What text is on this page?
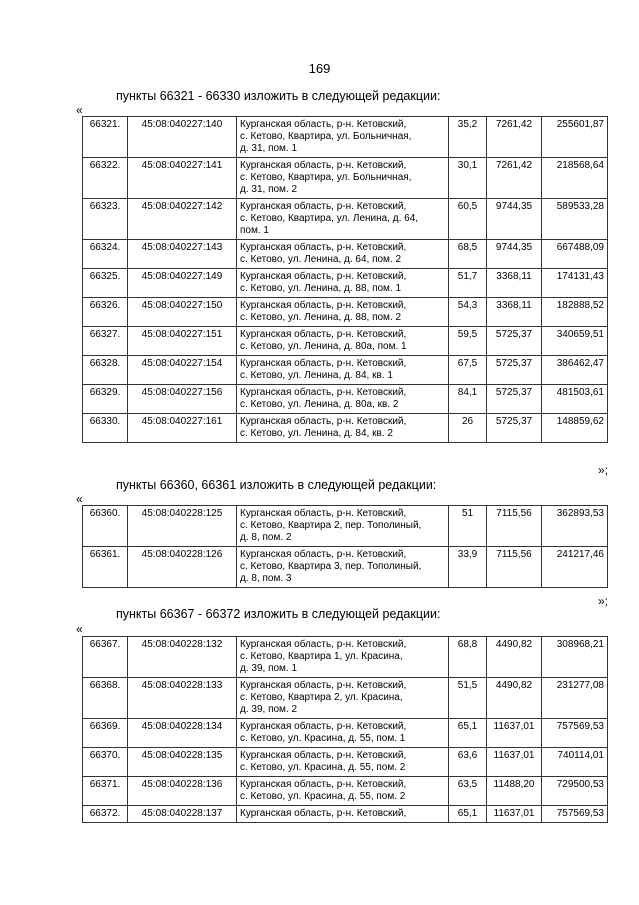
169
пункты 66321 - 66330 изложить в следующей редакции:
«
66321.	45:08:040227:140	Курганская область, р-н. Кетовский,
с. Кетово, Квартира, ул. Больничная,
д. 31, пом. 1	35,2	7261,42	255601,87
66322.	45:08:040227:141	Курганская область, р-н. Кетовский,
с. Кетово, Квартира, ул. Больничная,
д. 31, пом. 2	30,1	7261,42	218568,64
66323.	45:08:040227:142	Курганская область, р-н. Кетовский,
с. Кетово, Квартира, ул. Ленина, д. 64,
пом. 1	60,5	9744,35	589533,28
66324.	45:08:040227:143	Курганская область, р-н. Кетовский,
с. Кетово, ул. Ленина, д. 64, пом. 2	68,5	9744,35	667488,09
66325.	45:08:040227:149	Курганская область, р-н. Кетовский,
с. Кетово, ул. Ленина, д. 88, пом. 1	51,7	3368,11	174131,43
66326.	45:08:040227:150	Курганская область, р-н. Кетовский,
с. Кетово, ул. Ленина, д. 88, пом. 2	54,3	3368,11	182888,52
66327.	45:08:040227:151	Курганская область, р-н. Кетовский,
с. Кетово, ул. Ленина, д. 80а, пом. 1	59,5	5725,37	340659,51
66328.	45:08:040227:154	Курганская область, р-н. Кетовский,
с. Кетово, ул. Ленина, д. 84, кв. 1	67,5	5725,37	386462,47
66329.	45:08:040227:156	Курганская область, р-н. Кетовский,
с. Кетово, ул. Ленина, д. 80а, кв. 2	84,1	5725,37	481503,61
66330.	45:08:040227:161	Курганская область, р-н. Кетовский,
с. Кетово, ул. Ленина, д. 84, кв. 2	26	5725,37	148859,62
»;
пункты 66360, 66361 изложить в следующей редакции:
«
66360.	45:08:040228:125	Курганская область, р-н. Кетовский,
с. Кетово, Квартира 2, пер. Тополиный,
д. 8, пом. 2	51	7115,56	362893,53
66361.	45:08:040228:126	Курганская область, р-н. Кетовский,
с. Кетово, Квартира 3, пер. Тополиный,
д. 8, пом. 3	33,9	7115,56	241217,46
»;
пункты 66367 - 66372 изложить в следующей редакции:
«
66367.	45:08:040228:132	Курганская область, р-н. Кетовский,
с. Кетово, Квартира 1, ул. Красина,
д. 39, пом. 1	68,8	4490,82	308968,21
66368.	45:08:040228:133	Курганская область, р-н. Кетовский,
с. Кетово, Квартира 2, ул. Красина,
д. 39, пом. 2	51,5	4490,82	231277,08
66369.	45:08:040228:134	Курганская область, р-н. Кетовский,
с. Кетово, ул. Красина, д. 55, пом. 1	65,1	11637,01	757569,53
66370.	45:08:040228:135	Курганская область, р-н. Кетовский,
с. Кетово, ул. Красина, д. 55, пом. 2	63,6	11637,01	740114,01
66371.	45:08:040228:136	Курганская область, р-н. Кетовский,
с. Кетово, ул. Красина, д. 55, пом. 2	63,5	11488,20	729500,53
66372.	45:08:040228:137	Курганская область, р-н. Кетовский,	65,1	11637,01	757569,53
